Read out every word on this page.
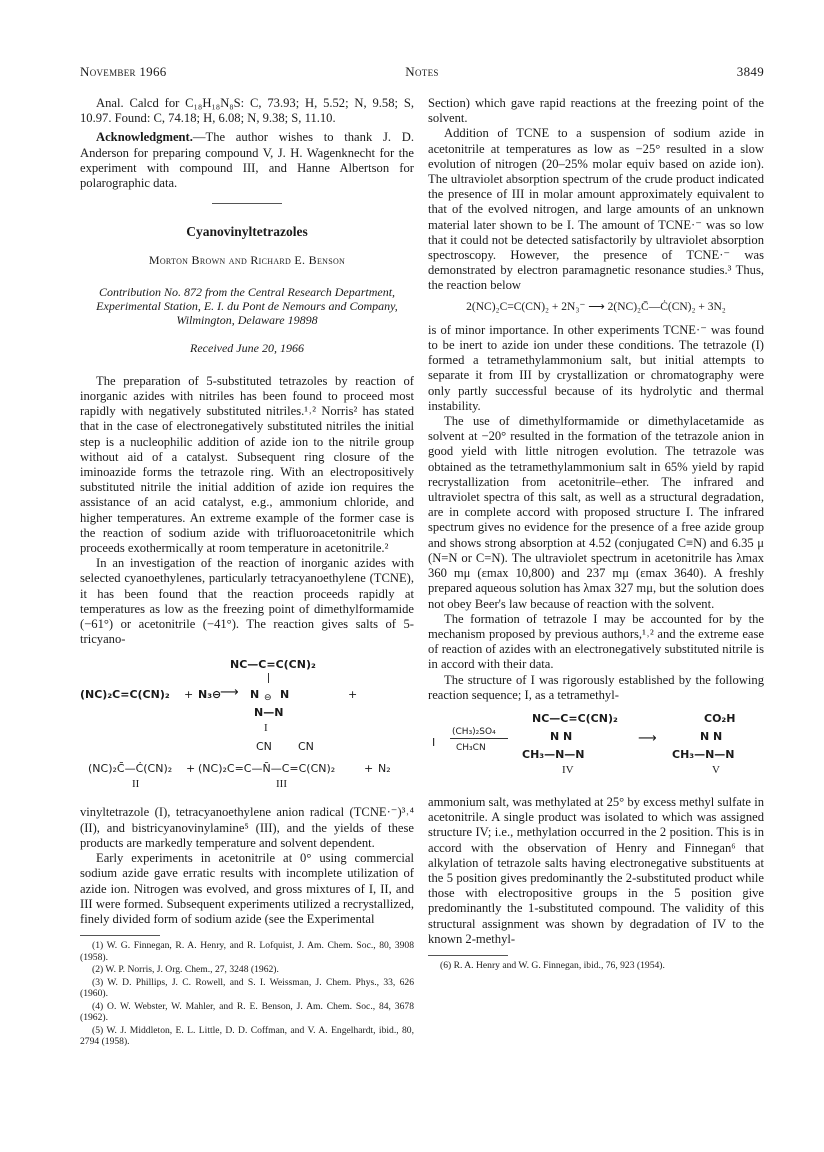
November 1966	Notes	3849

Anal. Calcd for C₁₈H₁₈N₈S: C, 73.93; H, 5.52; N, 9.58; S, 10.97. Found: C, 74.18; H, 6.08; N, 9.38; S, 11.10.

Acknowledgment.—The author wishes to thank J. D. Anderson for preparing compound V, J. H. Wagenknecht for the experiment with compound III, and Hanne Albertson for polarographic data.

Cyanovinyltetrazoles

Morton Brown and Richard E. Benson

Contribution No. 872 from the Central Research Department, Experimental Station, E. I. du Pont de Nemours and Company, Wilmington, Delaware 19898

Received June 20, 1966

The preparation of 5-substituted tetrazoles by reaction of inorganic azides with nitriles has been found to proceed most rapidly with negatively substituted nitriles.¹˒² Norris² has stated that in the case of electronegatively substituted nitriles the initial step is a nucleophilic addition of azide ion to the nitrile group without aid of a catalyst. Subsequent ring closure of the iminoazide forms the tetrazole ring. With an electropositively substituted nitrile the initial addition of azide ion requires the assistance of an acid catalyst, e.g., ammonium chloride, and higher temperatures. An extreme example of the former case is the reaction of sodium azide with trifluoroacetonitrile which proceeds exothermically at room temperature in acetonitrile.²

In an investigation of the reaction of inorganic azides with selected cyanoethylenes, particularly tetracyanoethylene (TCNE), it has been found that the reaction proceeds rapidly at temperatures as low as the freezing point of dimethylformamide (−61°) or acetonitrile (−41°). The reaction gives salts of 5-tricyano-

NC—C=C(CN)₂
(NC)₂C=C(CN)₂ + N₃⊖
⟶ N ⊖ N
N—N
I
+
CN CN
(NC)₂C̄—Ċ(CN)₂ + (NC)₂C=C—N̄—C=C(CN)₂	+ N₂
II	III

vinyltetrazole (I), tetracyanoethylene anion radical (TCNE·⁻)³˒⁴ (II), and bistricyanovinylamine⁵ (III), and the yields of these products are markedly temperature and solvent dependent.

Early experiments in acetonitrile at 0° using commercial sodium azide gave erratic results with incomplete utilization of azide ion. Nitrogen was evolved, and gross mixtures of I, II, and III were formed. Subsequent experiments utilized a recrystallized, finely divided form of sodium azide (see the Experimental

(1) W. G. Finnegan, R. A. Henry, and R. Lofquist, J. Am. Chem. Soc., 80, 3908 (1958).

(2) W. P. Norris, J. Org. Chem., 27, 3248 (1962).

(3) W. D. Phillips, J. C. Rowell, and S. I. Weissman, J. Chem. Phys., 33, 626 (1960).

(4) O. W. Webster, W. Mahler, and R. E. Benson, J. Am. Chem. Soc., 84, 3678 (1962).

(5) W. J. Middleton, E. L. Little, D. D. Coffman, and V. A. Engelhardt, ibid., 80, 2794 (1958).

Section) which gave rapid reactions at the freezing point of the solvent.

Addition of TCNE to a suspension of sodium azide in acetonitrile at temperatures as low as −25° resulted in a slow evolution of nitrogen (20–25% molar equiv based on azide ion). The ultraviolet absorption spectrum of the crude product indicated the presence of III in molar amount approximately equivalent to that of the evolved nitrogen, and large amounts of an unknown material later shown to be I. The amount of TCNE·⁻ was so low that it could not be detected satisfactorily by ultraviolet absorption spectroscopy. However, the presence of TCNE·⁻ was demonstrated by electron paramagnetic resonance studies.³ Thus, the reaction below

2(NC)₂C=C(CN)₂ + 2N₃⁻ ⟶ 2(NC)₂C̄—Ċ(CN)₂ + 3N₂

is of minor importance. In other experiments TCNE·⁻ was found to be inert to azide ion under these conditions. The tetrazole (I) formed a tetramethylammonium salt, but initial attempts to separate it from III by crystallization or chromatography were only partly successful because of its hydrolytic and thermal instability.

The use of dimethylformamide or dimethylacetamide as solvent at −20° resulted in the formation of the tetrazole anion in good yield with little nitrogen evolution. The tetrazole was obtained as the tetramethylammonium salt in 65% yield by rapid recrystallization from acetonitrile–ether. The infrared and ultraviolet spectra of this salt, as well as a structural degradation, are in complete accord with proposed structure I. The infrared spectrum gives no evidence for the presence of a free azide group and shows strong absorption at 4.52 (conjugated C≡N) and 6.35 μ (N=N or C=N). The ultraviolet spectrum in acetonitrile has λmax 360 mμ (εmax 10,800) and 237 mμ (εmax 3640). A freshly prepared aqueous solution has λmax 327 mμ, but the solution does not obey Beer's law because of reaction with the solvent.

The formation of tetrazole I may be accounted for by the mechanism proposed by previous authors,¹˒² and the extreme ease of reaction of azides with an electronegatively substituted nitrile is in accord with their data.

The structure of I was rigorously established by the following reaction sequence; I, as a tetramethyl-

I
(CH₃)₂SO₄
CH₃CN
NC—C=C(CN)₂
N N
CH₃—N—N
IV
⟶
CO₂H
N N
CH₃—N—N
V

ammonium salt, was methylated at 25° by excess methyl sulfate in acetonitrile. A single product was isolated to which was assigned structure IV; i.e., methylation occurred in the 2 position. This is in accord with the observation of Henry and Finnegan⁶ that alkylation of tetrazole salts having electronegative substituents at the 5 position gives predominantly the 2-substituted product while those with electropositive groups in the 5 position give predominantly the 1-substituted compound. The validity of this structural assignment was shown by degradation of IV to the known 2-methyl-

(6) R. A. Henry and W. G. Finnegan, ibid., 76, 923 (1954).
